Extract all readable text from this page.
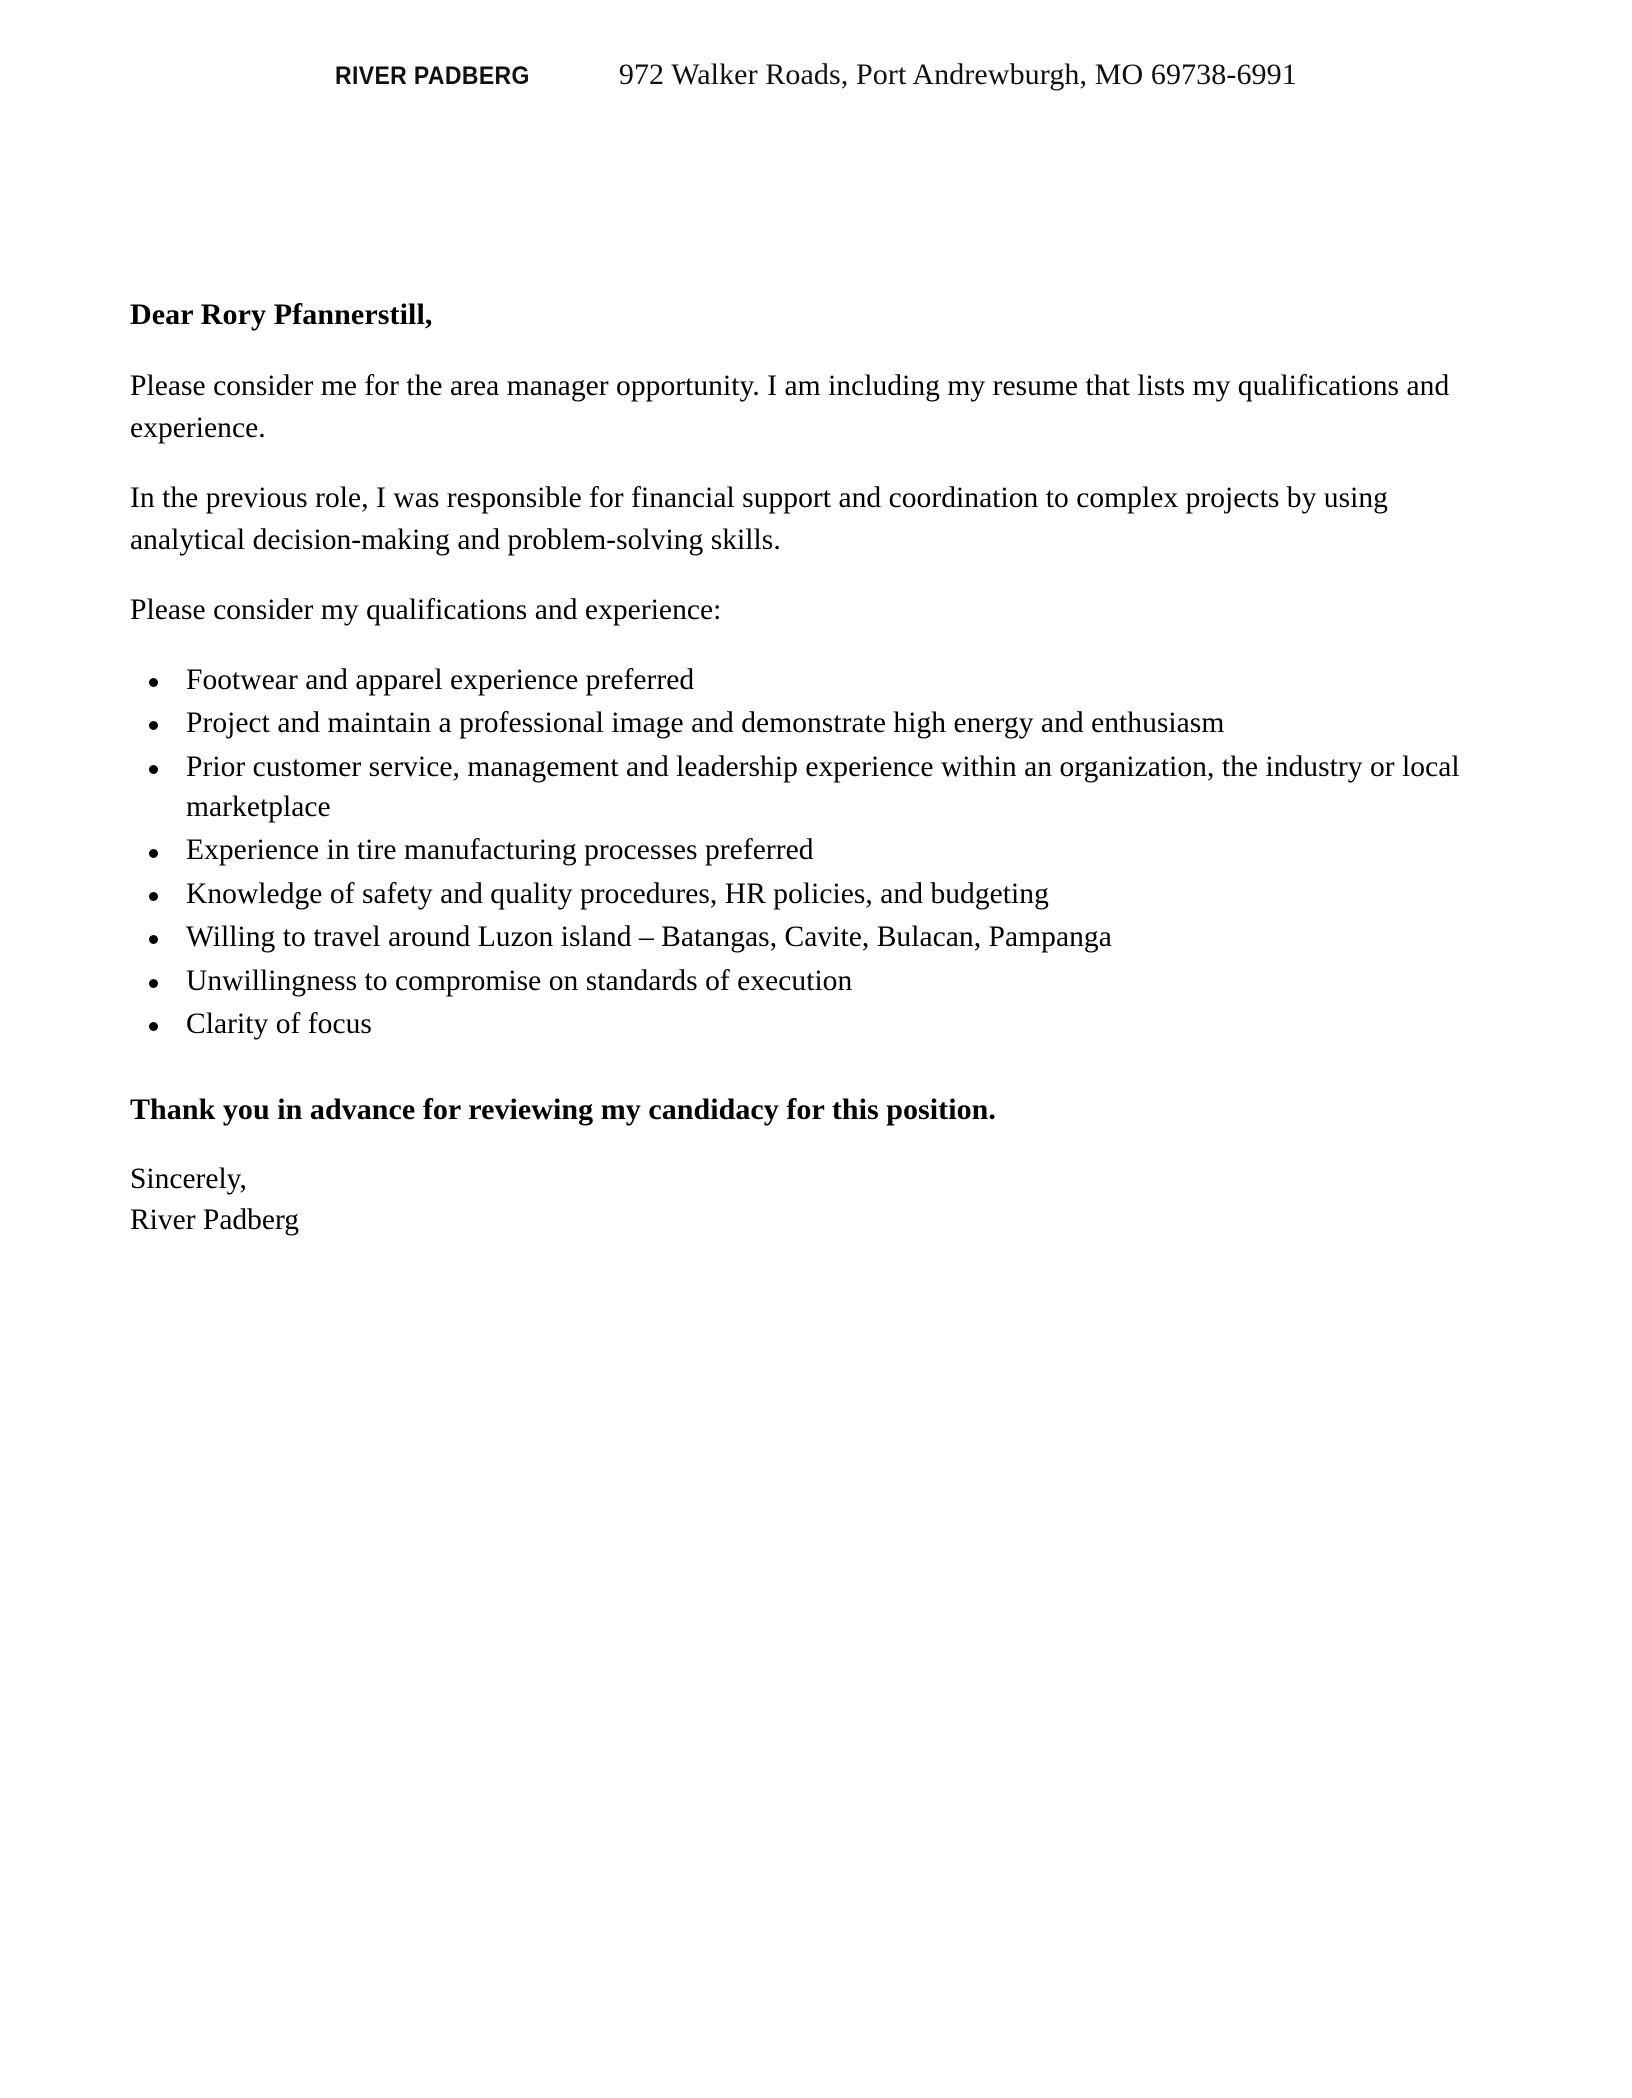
RIVER PADBERG	972 Walker Roads, Port Andrewburgh, MO 69738-6991
Dear Rory Pfannerstill,

Please consider me for the area manager opportunity. I am including my resume that lists my qualifications and experience.

In the previous role, I was responsible for financial support and coordination to complex projects by using analytical decision-making and problem-solving skills.

Please consider my qualifications and experience:

Footwear and apparel experience preferred
Project and maintain a professional image and demonstrate high energy and enthusiasm
Prior customer service, management and leadership experience within an organization, the industry or local marketplace
Experience in tire manufacturing processes preferred
Knowledge of safety and quality procedures, HR policies, and budgeting
Willing to travel around Luzon island – Batangas, Cavite, Bulacan, Pampanga
Unwillingness to compromise on standards of execution
Clarity of focus
Thank you in advance for reviewing my candidacy for this position.
Sincerely,
River Padberg
